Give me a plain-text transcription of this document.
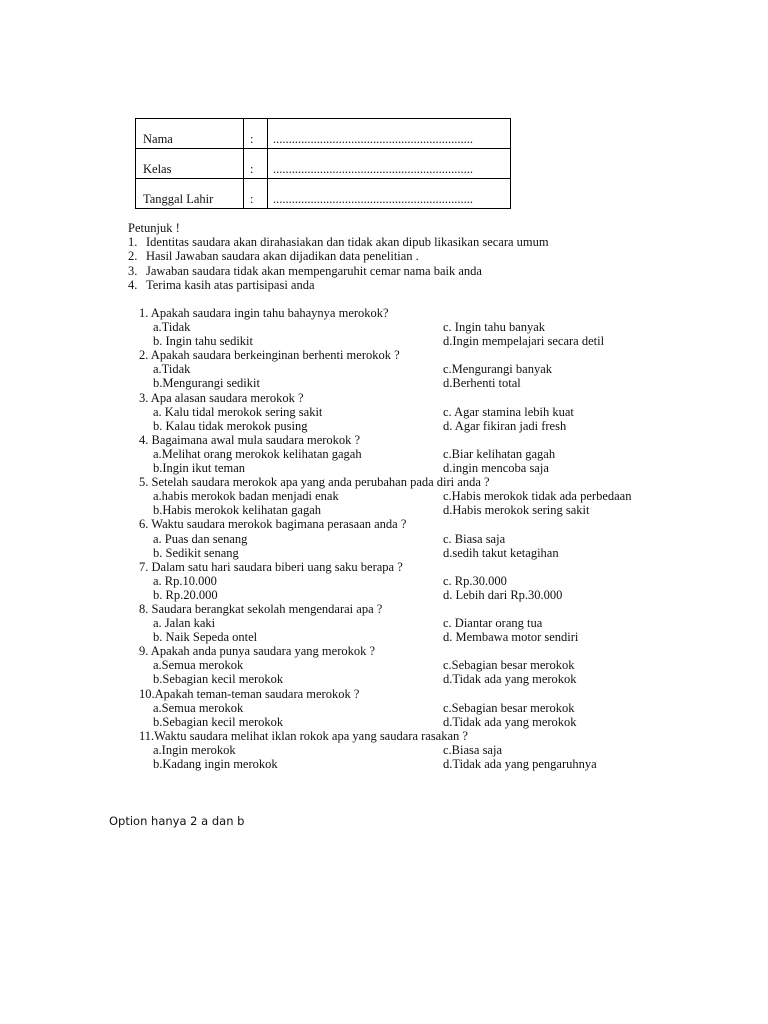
Nama	:	................................................................
Kelas	:	................................................................
Tanggal Lahir	:	................................................................
Petunjuk !
1. Identitas saudara akan dirahasiakan dan tidak akan dipub likasikan secara umum
2. Hasil Jawaban saudara akan dijadikan data penelitian .
3. Jawaban saudara tidak akan mempengaruhit cemar nama baik anda
4. Terima kasih atas partisipasi anda
1. Apakah saudara ingin tahu bahaynya merokok?
a.Tidak	c. Ingin tahu banyak
b. Ingin tahu sedikit	d.Ingin mempelajari secara detil
2. Apakah saudara berkeinginan berhenti merokok ?
a.Tidak	c.Mengurangi banyak
b.Mengurangi sedikit	d.Berhenti total
3. Apa alasan saudara merokok ?
a. Kalu tidal merokok sering sakit	c. Agar stamina lebih kuat
b. Kalau tidak merokok pusing	d. Agar fikiran jadi fresh
4. Bagaimana awal mula saudara merokok ?
a.Melihat orang merokok kelihatan gagah	c.Biar kelihatan gagah
b.Ingin ikut teman	d.ingin mencoba saja
5. Setelah saudara merokok apa yang anda perubahan pada diri anda ?
a.habis merokok badan menjadi enak	c.Habis merokok tidak ada perbedaan
b.Habis merokok kelihatan gagah	d.Habis merokok sering sakit
6. Waktu saudara merokok bagimana perasaan anda ?
a. Puas dan senang	c. Biasa saja
b. Sedikit senang	d.sedih takut ketagihan
7. Dalam satu hari saudara biberi uang saku berapa ?
a. Rp.10.000	c. Rp.30.000
b. Rp.20.000	d. Lebih dari Rp.30.000
8. Saudara berangkat sekolah mengendarai apa ?
a. Jalan kaki	c. Diantar orang tua
b. Naik Sepeda ontel	d. Membawa motor sendiri
9. Apakah anda punya saudara yang merokok ?
a.Semua merokok	c.Sebagian besar merokok
b.Sebagian kecil merokok	d.Tidak ada yang merokok
10.Apakah teman-teman saudara merokok ?
a.Semua merokok	c.Sebagian besar merokok
b.Sebagian kecil merokok	d.Tidak ada yang merokok
11.Waktu saudara melihat iklan rokok apa yang saudara rasakan ?
a.Ingin merokok	c.Biasa saja
b.Kadang ingin merokok	d.Tidak ada yang pengaruhnya
Option hanya 2 a dan b
